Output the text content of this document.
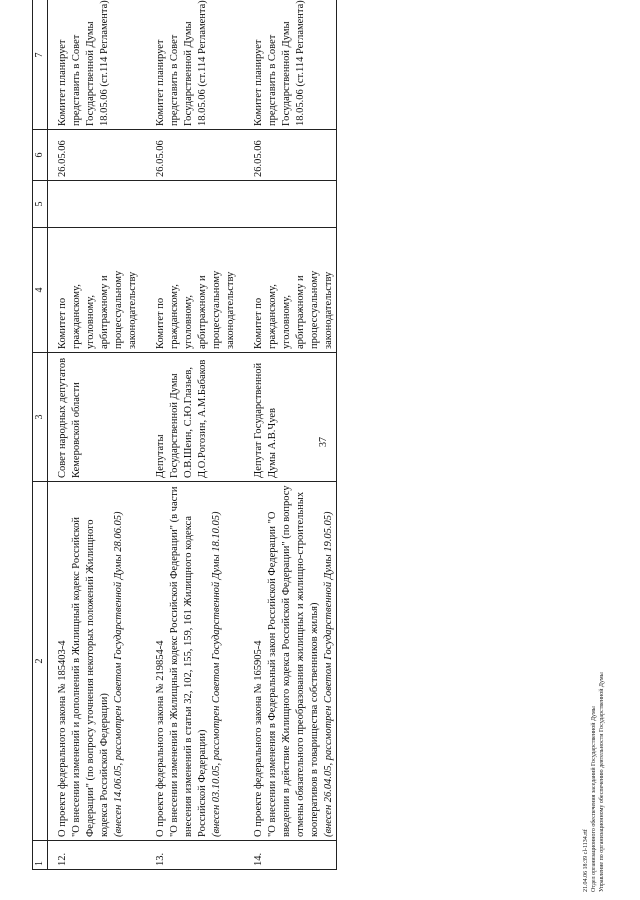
37
1	2	3	4	5	6	7
12.	О проекте федерального закона № 185403-4 "О внесении изменений и дополнений в Жилищный кодекс Российской Федерации" (по вопросу уточнения некоторых положений Жилищного кодекса Российской Федерации) (внесен 14.06.05, рассмотрен Советом Государственной Думы 28.06.05)	Совет народных депутатов Кемеровской области	Комитет по гражданскому, уголовному, арбитражному и процессуальному законодательству		26.05.06	Комитет планирует представить в Совет Государственной Думы 18.05.06 (ст.114 Регламента)
13.	О проекте федерального закона № 219854-4 "О внесении изменений в Жилищный кодекс Российской Федерации" (в части внесения изменений в статьи 32, 102, 155, 159, 161 Жилищного кодекса Российской Федерации) (внесен 03.10.05, рассмотрен Советом Государственной Думы 18.10.05)	Депутаты Государственной Думы О.В.Шеин, С.Ю.Глазьев, Д.О.Рогозин, А.М.Бабаков	Комитет по гражданскому, уголовному, арбитражному и процессуальному законодательству		26.05.06	Комитет планирует представить в Совет Государственной Думы 18.05.06 (ст.114 Регламента)
14.	О проекте федерального закона № 165905-4 "О внесении изменения в Федеральный закон Российской Федерации "О введении в действие Жилищного кодекса Российской Федерации" (по вопросу отмены обязательного преобразования жилищных и жилищно-строительных кооперативов в товарищества собственников жилья) (внесен 26.04.05, рассмотрен Советом Государственной Думы 19.05.05)	Депутат Государственной Думы А.В.Чуев	Комитет по гражданскому, уголовному, арбитражному и процессуальному законодательству		26.05.06	Комитет планирует представить в Совет Государственной Думы 18.05.06 (ст.114 Регламента)
21.04.06 18:39 cl-1134.rtf Отдел организационного обеспечения заседаний Государственной Думы Управление по организационному обеспечению деятельности Государственной Думы
